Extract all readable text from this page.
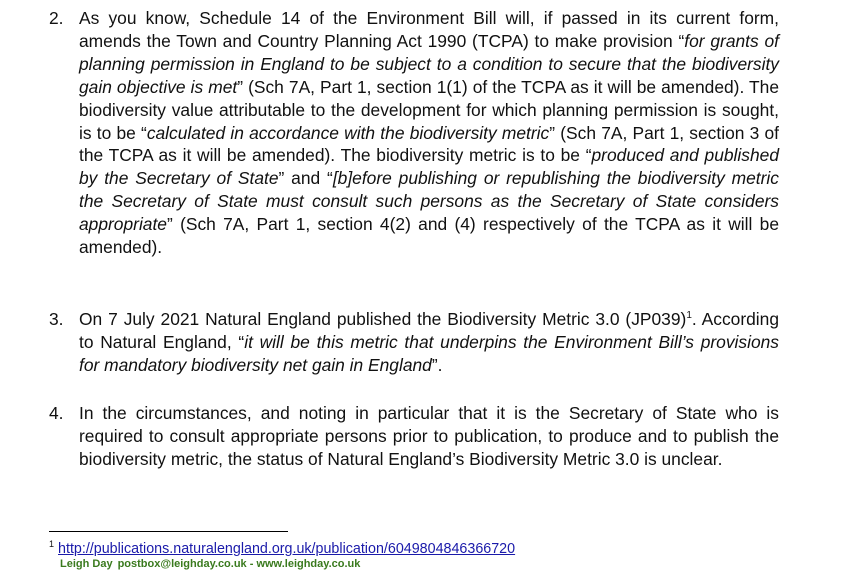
2. As you know, Schedule 14 of the Environment Bill will, if passed in its current form, amends the Town and Country Planning Act 1990 (TCPA) to make provision “for grants of planning permission in England to be subject to a condition to secure that the biodiversity gain objective is met” (Sch 7A, Part 1, section 1(1) of the TCPA as it will be amended). The biodiversity value attributable to the development for which planning permission is sought, is to be “calculated in accordance with the biodiversity metric” (Sch 7A, Part 1, section 3 of the TCPA as it will be amended). The biodiversity metric is to be “produced and published by the Secretary of State” and “[b]efore publishing or republishing the biodiversity metric the Secretary of State must consult such persons as the Secretary of State considers appropriate” (Sch 7A, Part 1, section 4(2) and (4) respectively of the TCPA as it will be amended).
3. On 7 July 2021 Natural England published the Biodiversity Metric 3.0 (JP039)$^1$. According to Natural England, “it will be this metric that underpins the Environment Bill’s provisions for mandatory biodiversity net gain in England”.
4. In the circumstances, and noting in particular that it is the Secretary of State who is required to consult appropriate persons prior to publication, to produce and to publish the biodiversity metric, the status of Natural England’s Biodiversity Metric 3.0 is unclear.
$^1$ http://publications.naturalengland.org.uk/publication/6049804846366720
Leigh Day postbox@leighday.co.uk - www.leighday.co.uk
